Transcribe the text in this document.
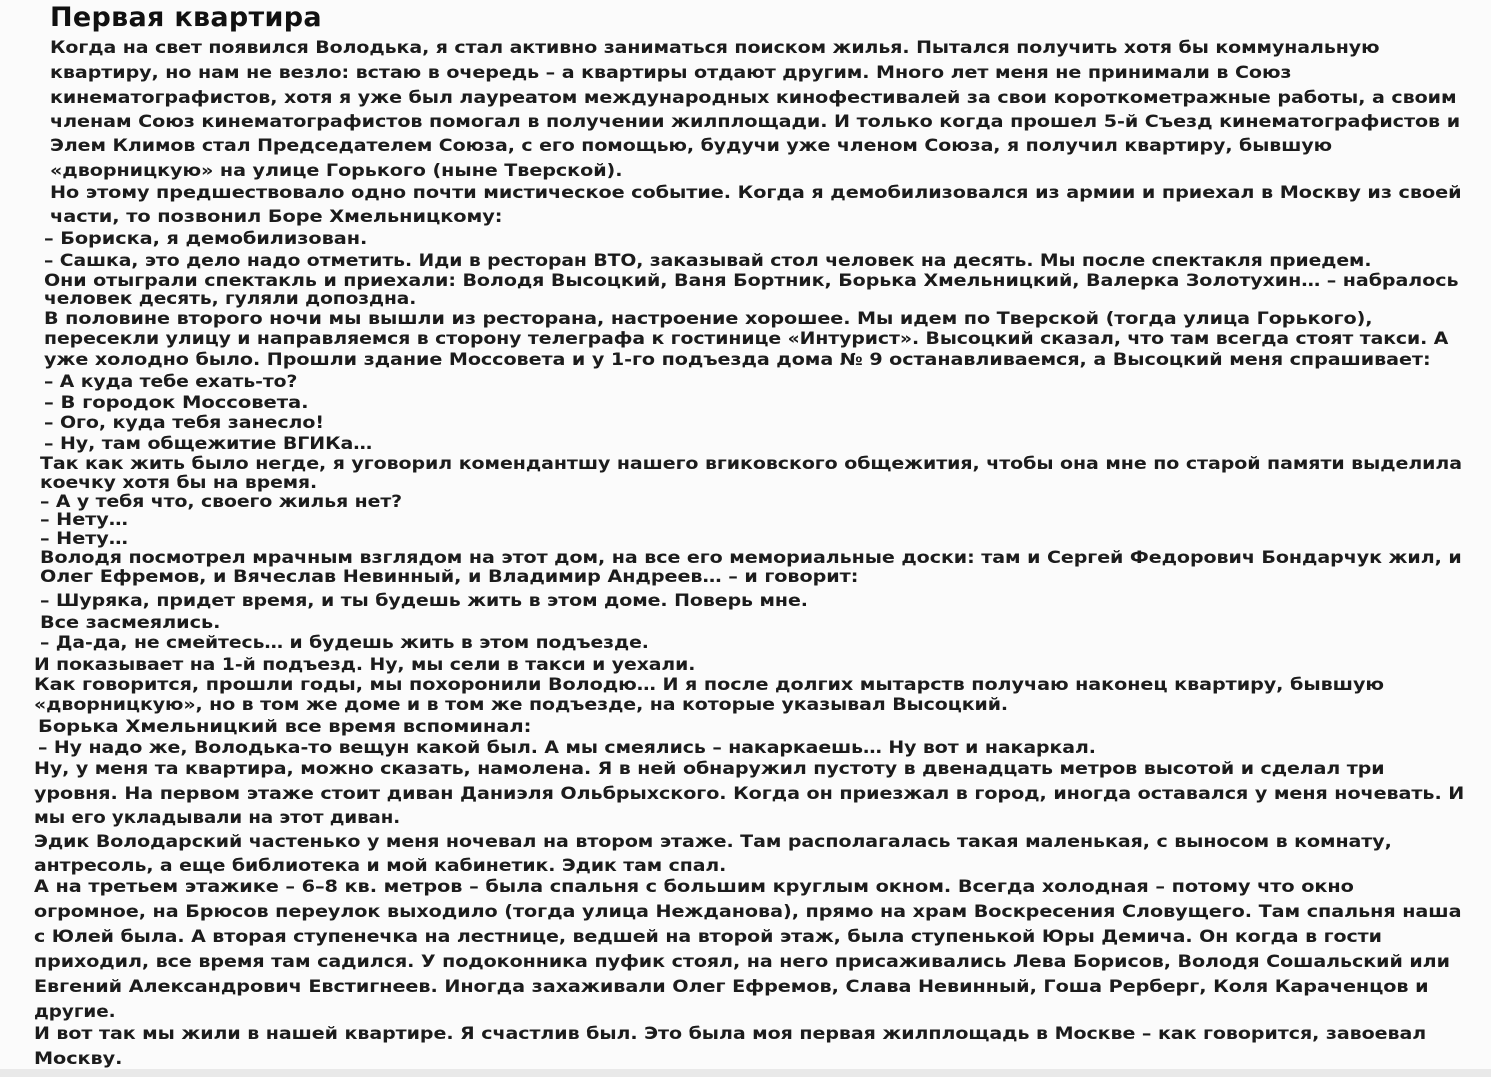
Первая квартира
Когда на свет появился Володька, я стал активно заниматься поиском жилья. Пытался получить хотя бы коммунальную
квартиру, но нам не везло: встаю в очередь – а квартиры отдают другим. Много лет меня не принимали в Союз
кинематографистов, хотя я уже был лауреатом международных кинофестивалей за свои короткометражные работы, а своим
членам Союз кинематографистов помогал в получении жилплощади. И только когда прошел 5-й Съезд кинематографистов и
Элем Климов стал Председателем Союза, с его помощью, будучи уже членом Союза, я получил квартиру, бывшую
«дворницкую» на улице Горького (ныне Тверской).
Но этому предшествовало одно почти мистическое событие. Когда я демобилизовался из армии и приехал в Москву из своей
части, то позвонил Боре Хмельницкому:
– Бориска, я демобилизован.
– Сашка, это дело надо отметить. Иди в ресторан ВТО, заказывай стол человек на десять. Мы после спектакля приедем.
Они отыграли спектакль и приехали: Володя Высоцкий, Ваня Бортник, Борька Хмельницкий, Валерка Золотухин… – набралось
человек десять, гуляли допоздна.
В половине второго ночи мы вышли из ресторана, настроение хорошее. Мы идем по Тверской (тогда улица Горького),
пересекли улицу и направляемся в сторону телеграфа к гостинице «Интурист». Высоцкий сказал, что там всегда стоят такси. А
уже холодно было. Прошли здание Моссовета и у 1-го подъезда дома № 9 останавливаемся, а Высоцкий меня спрашивает:
– А куда тебе ехать-то?
– В городок Моссовета.
– Ого, куда тебя занесло!
– Ну, там общежитие ВГИКа…
Так как жить было негде, я уговорил комендантшу нашего вгиковского общежития, чтобы она мне по старой памяти выделила
коечку хотя бы на время.
– А у тебя что, своего жилья нет?
– Нету…
– Нету…
Володя посмотрел мрачным взглядом на этот дом, на все его мемориальные доски: там и Сергей Федорович Бондарчук жил, и
Олег Ефремов, и Вячеслав Невинный, и Владимир Андреев… – и говорит:
– Шуряка, придет время, и ты будешь жить в этом доме. Поверь мне.
Все засмеялись.
– Да-да, не смейтесь… и будешь жить в этом подъезде.
И показывает на 1-й подъезд. Ну, мы сели в такси и уехали.
Как говорится, прошли годы, мы похоронили Володю… И я после долгих мытарств получаю наконец квартиру, бывшую
«дворницкую», но в том же доме и в том же подъезде, на которые указывал Высоцкий.
Борька Хмельницкий все время вспоминал:
– Ну надо же, Володька-то вещун какой был. А мы смеялись – накаркаешь… Ну вот и накаркал.
Ну, у меня та квартира, можно сказать, намолена. Я в ней обнаружил пустоту в двенадцать метров высотой и сделал три
уровня. На первом этаже стоит диван Даниэля Ольбрыхского. Когда он приезжал в город, иногда оставался у меня ночевать. И
мы его укладывали на этот диван.
Эдик Володарский частенько у меня ночевал на втором этаже. Там располагалась такая маленькая, с выносом в комнату,
антресоль, а еще библиотека и мой кабинетик. Эдик там спал.
А на третьем этажике – 6–8 кв. метров – была спальня с большим круглым окном. Всегда холодная – потому что окно
огромное, на Брюсов переулок выходило (тогда улица Нежданова), прямо на храм Воскресения Словущего. Там спальня наша
с Юлей была. А вторая ступенечка на лестнице, ведшей на второй этаж, была ступенькой Юры Демича. Он когда в гости
приходил, все время там садился. У подоконника пуфик стоял, на него присаживались Лева Борисов, Володя Сошальский или
Евгений Александрович Евстигнеев. Иногда захаживали Олег Ефремов, Слава Невинный, Гоша Рерберг, Коля Караченцов и
другие.
И вот так мы жили в нашей квартире. Я счастлив был. Это была моя первая жилплощадь в Москве – как говорится, завоевал
Москву.
